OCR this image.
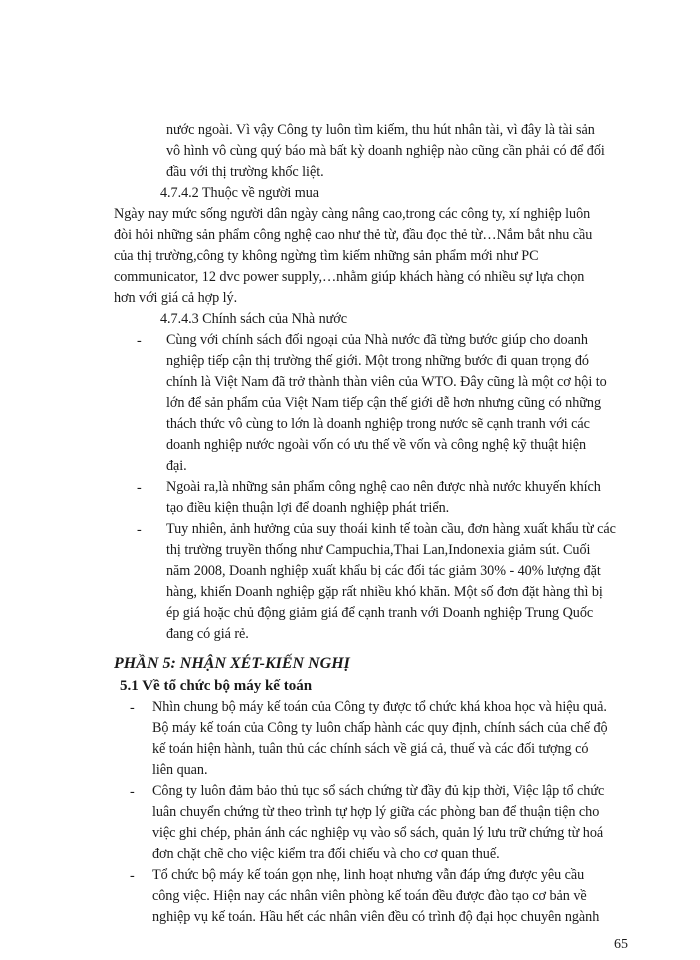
nước ngoài. Vì vậy Công ty luôn tìm kiếm, thu hút nhân tài, vì đây là tài sản
vô hình vô cùng quý báo mà bất kỳ doanh nghiệp nào cũng cần phải có để đối
đầu với thị trường khốc liệt.
4.7.4.2 Thuộc về người mua
Ngày nay mức sống người dân ngày càng nâng cao,trong các công ty, xí nghiệp luôn
đòi hỏi những sản phẩm công nghệ cao như thẻ từ, đầu đọc thẻ từ…Nắm bắt nhu cầu
của thị trường,công ty không ngừng tìm kiếm những sản phẩm mới như PC
communicator, 12 dvc power supply,…nhằm giúp khách hàng có nhiều sự lựa chọn
hơn với giá cả hợp lý.
4.7.4.3 Chính sách của Nhà nước
- Cùng với chính sách đối ngoại của Nhà nước đã từng bước giúp cho doanh
nghiệp tiếp cận thị trường thế giới. Một trong những bước đi quan trọng đó
chính là Việt Nam đã trở thành thàn viên của WTO. Đây cũng là một cơ hội to
lớn để sản phẩm của Việt Nam tiếp cận thế giới dễ hơn nhưng cũng có những
thách thức vô cùng to lớn là doanh nghiệp trong nước sẽ cạnh tranh với các
doanh nghiệp nước ngoài vốn có ưu thế về vốn và công nghệ kỹ thuật hiện
đại.
- Ngoài ra,là những sản phẩm công nghệ cao nên được nhà nước khuyến khích
tạo điều kiện thuận lợi để doanh nghiệp phát triển.
- Tuy nhiên, ảnh hưởng của suy thoái kinh tế toàn cầu, đơn hàng xuất khẩu từ các
thị trường truyền thống như Campuchia,Thai Lan,Indonexia giảm sút. Cuối
năm 2008, Doanh nghiệp xuất khẩu bị các đối tác giảm 30% - 40% lượng đặt
hàng, khiến Doanh nghiệp gặp rất nhiều khó khăn. Một số đơn đặt hàng thì bị
ép giá hoặc chủ động giảm giá để cạnh tranh với Doanh nghiệp Trung Quốc
đang có giá rẻ.
PHẦN 5: NHẬN XÉT-KIẾN NGHỊ
5.1 Về tổ chức bộ máy kế toán
- Nhìn chung bộ máy kế toán của Công ty được tổ chức khá khoa học và hiệu quả.
Bộ máy kế toán của Công ty luôn chấp hành các quy định, chính sách của chế độ
kế toán hiện hành, tuân thủ các chính sách về giá cả, thuế và các đối tượng có
liên quan.
- Công ty luôn đảm bảo thủ tục sổ sách chứng từ đầy đủ kịp thời, Việc lập tổ chức
luân chuyển chứng từ theo trình tự hợp lý giữa các phòng ban để thuận tiện cho
việc ghi chép, phản ánh các nghiệp vụ vào sổ sách, quản lý lưu trữ chứng từ hoá
đơn chặt chẽ cho việc kiểm tra đối chiếu và cho cơ quan thuế.
- Tổ chức bộ máy kế toán gọn nhẹ, linh hoạt nhưng vẫn đáp ứng được yêu cầu
công việc. Hiện nay các nhân viên phòng kế toán đều được đào tạo cơ bản về
nghiệp vụ kế toán. Hầu hết các nhân viên đều có trình độ đại học chuyên ngành
65
